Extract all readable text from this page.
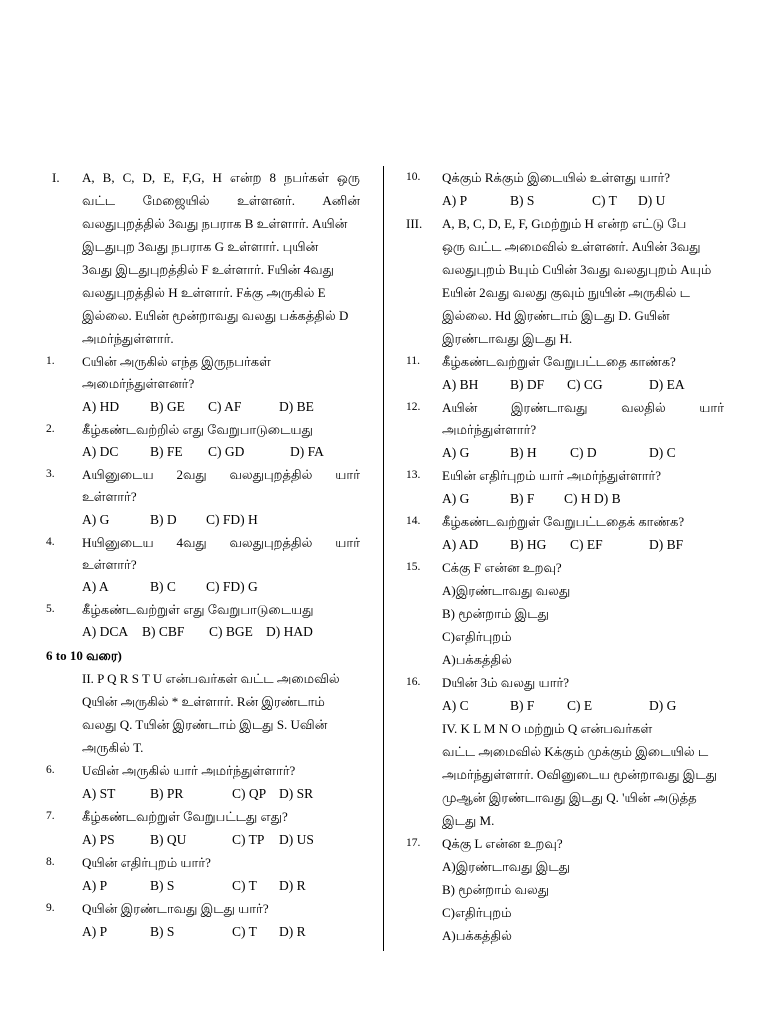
I. A, B, C, D, E, F,G, H என்ற 8 நபர்கள் ஒரு
வட்ட மேஜையில் உள்ளனர். Aனின்
வலதுபுறத்தில் 3வது நபராக B உள்ளார். Aயின்
இடதுபுற 3வது நபராக G உள்ளார். புயின்
3வது இடதுபுறத்தில் F உள்ளார். Fயின் 4வது
வலதுபுறத்தில் H உள்ளார். Fக்கு அருகில் E
இல்லை. Eயின் மூன்றாவது வலது பக்கத்தில் D
அமர்ந்துள்ளார்.
1. Cயின் அருகில் எந்த இருநபர்கள்
அமைர்ந்துள்ளனர்?
A) HD B) GE C) AF	D) BE
2. கீழ்கண்டவற்றில் எது வேறுபாடுடையது
A) DC B) FE C) GD	D) FA
3. Aயினுடைய 2வது வலதுபுறத்தில் யார்
உள்ளார்?
A) G	B) D C) FD) H
4. Hயினுடைய 4வது வலதுபுறத்தில் யார்
உள்ளார்?
A) A	B) C C) FD) G
5. கீழ்கண்டவற்றுள் எது வேறுபாடுடையது
A) DCA B) CBF C) BGE D) HAD
6 to 10 வரை)
II. P Q R S T U என்பவர்கள் வட்ட அமைவில்
Qயின் அருகில் * உள்ளார். Rன் இரண்டாம்
வலது Q. Tயின் இரண்டாம் இடது S. Uவின்
அருகில் T.
6. Uவின் அருகில் யார் அமர்ந்துள்ளார்?
A) ST	B) PR	C) QP D) SR
7. கீழ்கண்டவற்றுள் வேறுபட்டது எது?
A) PS	B) QU	C) TP D) US
8. Qயின் எதிர்புறம் யார்?
A) P	B) S	C) T D) R
9. Qயின் இரண்டாவது இடது யார்?
A) P	B) S	C) T D) R
10. Qக்கும் Rக்கும் இடையில் உள்ளது யார்?
A) P	B) S	C) T D) U
III. A, B, C, D, E, F, Gமற்றும் H என்ற எட்டு பே
ஒரு வட்ட அமைவில் உள்ளனர். Aயின் 3வது
வலதுபுறம் Bயும் Cயின் 3வது வலதுபுறம் Aயும்
Eயின் 2வது வலது குவும் நுயின் அருகில் ட
இல்லை. Hd இரண்டாம் இடது D. Gயின்
இரண்டாவது இடது H.
11. கீழ்கண்டவற்றுள் வேறுபட்டதை காண்க?
A) BH B) DF C) CG	D) EA
12. Aயின்	இரண்டாவது	வலதில்	யார்
அமர்ந்துள்ளார்?
A) G	B) H C) D	D) C
13. Eயின் எதிர்புறம் யார் அமர்ந்துள்ளார்?
A) G	B) F C) H D) B
14. கீழ்கண்டவற்றுள் வேறுபட்டதைக் காண்க?
A) AD B) HG C) EF	D) BF
15. Cக்கு F என்ன உறவு?
A)இரண்டாவது வலது
B) மூன்றாம் இடது
C)எதிர்புறம்
A)பக்கத்தில்
16. Dயின் 3ம் வலது யார்?
A) C	B) F C) E	D) G
IV. K L M N O மற்றும் Q என்பவர்கள்
வட்ட அமைவில் Kக்கும் முக்கும் இடையில் ட
அமர்ந்துள்ளார். Oவினுடைய மூன்றாவது இடது
முஆன் இரண்டாவது இடது Q. 'யின் அடுத்த
இடது M.
17. Qக்கு L என்ன உறவு?
A)இரண்டாவது இடது
B) மூன்றாம் வலது
C)எதிர்புறம்
A)பக்கத்தில்
